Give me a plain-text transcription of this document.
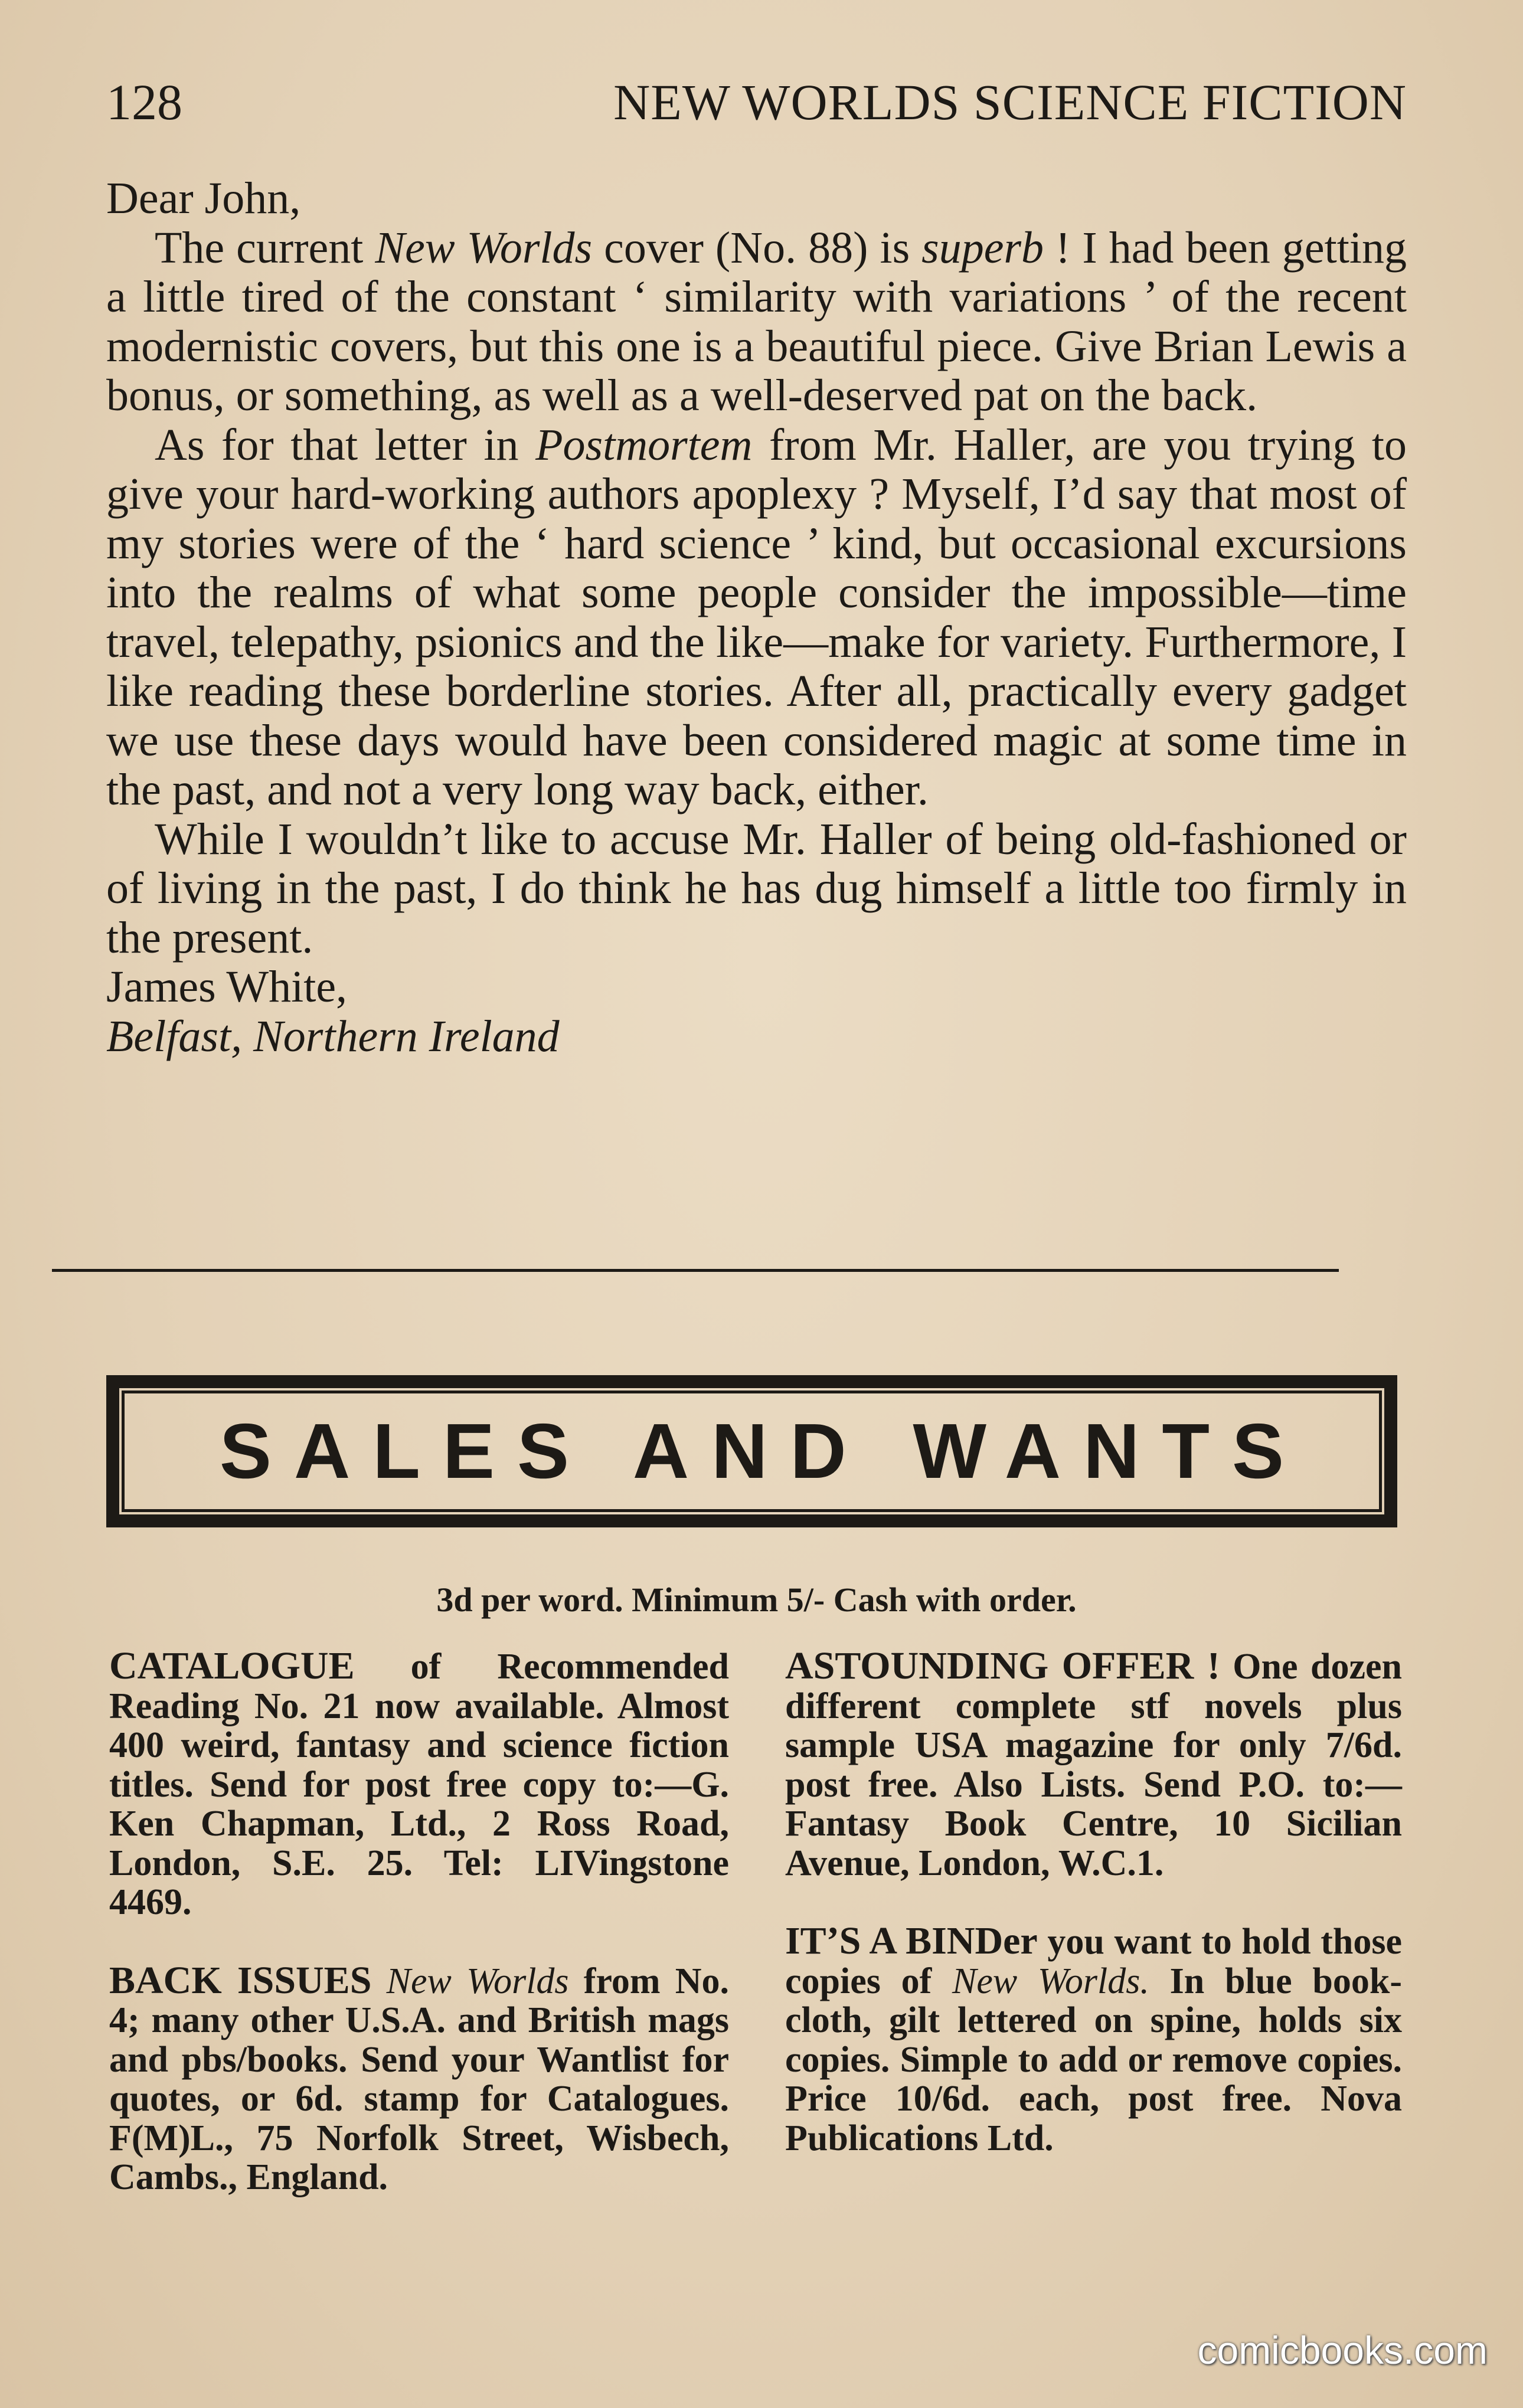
128	NEW WORLDS SCIENCE FICTION

Dear John,

The current New Worlds cover (No. 88) is superb ! I had been getting a little tired of the constant ‘ similarity with variations ’ of the recent modernistic covers, but this one is a beautiful piece. Give Brian Lewis a bonus, or something, as well as a well-deserved pat on the back.

As for that letter in Postmortem from Mr. Haller, are you trying to give your hard-working authors apoplexy ? Myself, I’d say that most of my stories were of the ‘ hard science ’ kind, but occasional excursions into the realms of what some people consider the impossible—time travel, telepathy, psionics and the like—make for variety. Furthermore, I like reading these borderline stories. After all, practically every gadget we use these days would have been considered magic at some time in the past, and not a very long way back, either.

While I wouldn’t like to accuse Mr. Haller of being old-fashioned or of living in the past, I do think he has dug himself a little too firmly in the present.

James White,

Belfast, Northern Ireland

SALES AND WANTS
3d per word. Minimum 5/- Cash with order.

CATALOGUE of Recommended Reading No. 21 now available. Almost 400 weird, fantasy and science fiction titles. Send for post free copy to:—G. Ken Chapman, Ltd., 2 Ross Road, London, S.E. 25. Tel: LIVingstone 4469.

BACK ISSUES New Worlds from No. 4; many other U.S.A. and British mags and pbs/books. Send your Wantlist for quotes, or 6d. stamp for Catalogues. F(M)L., 75 Norfolk Street, Wisbech, Cambs., England.

ASTOUNDING OFFER ! One dozen different complete stf novels plus sample USA magazine for only 7/6d. post free. Also Lists. Send P.O. to:— Fantasy Book Centre, 10 Sicilian Avenue, London, W.C.1.

IT’S A BINDer you want to hold those copies of New Worlds. In blue book-cloth, gilt lettered on spine, holds six copies. Simple to add or remove copies. Price 10/6d. each, post free. Nova Publications Ltd.

comicbooks.com
